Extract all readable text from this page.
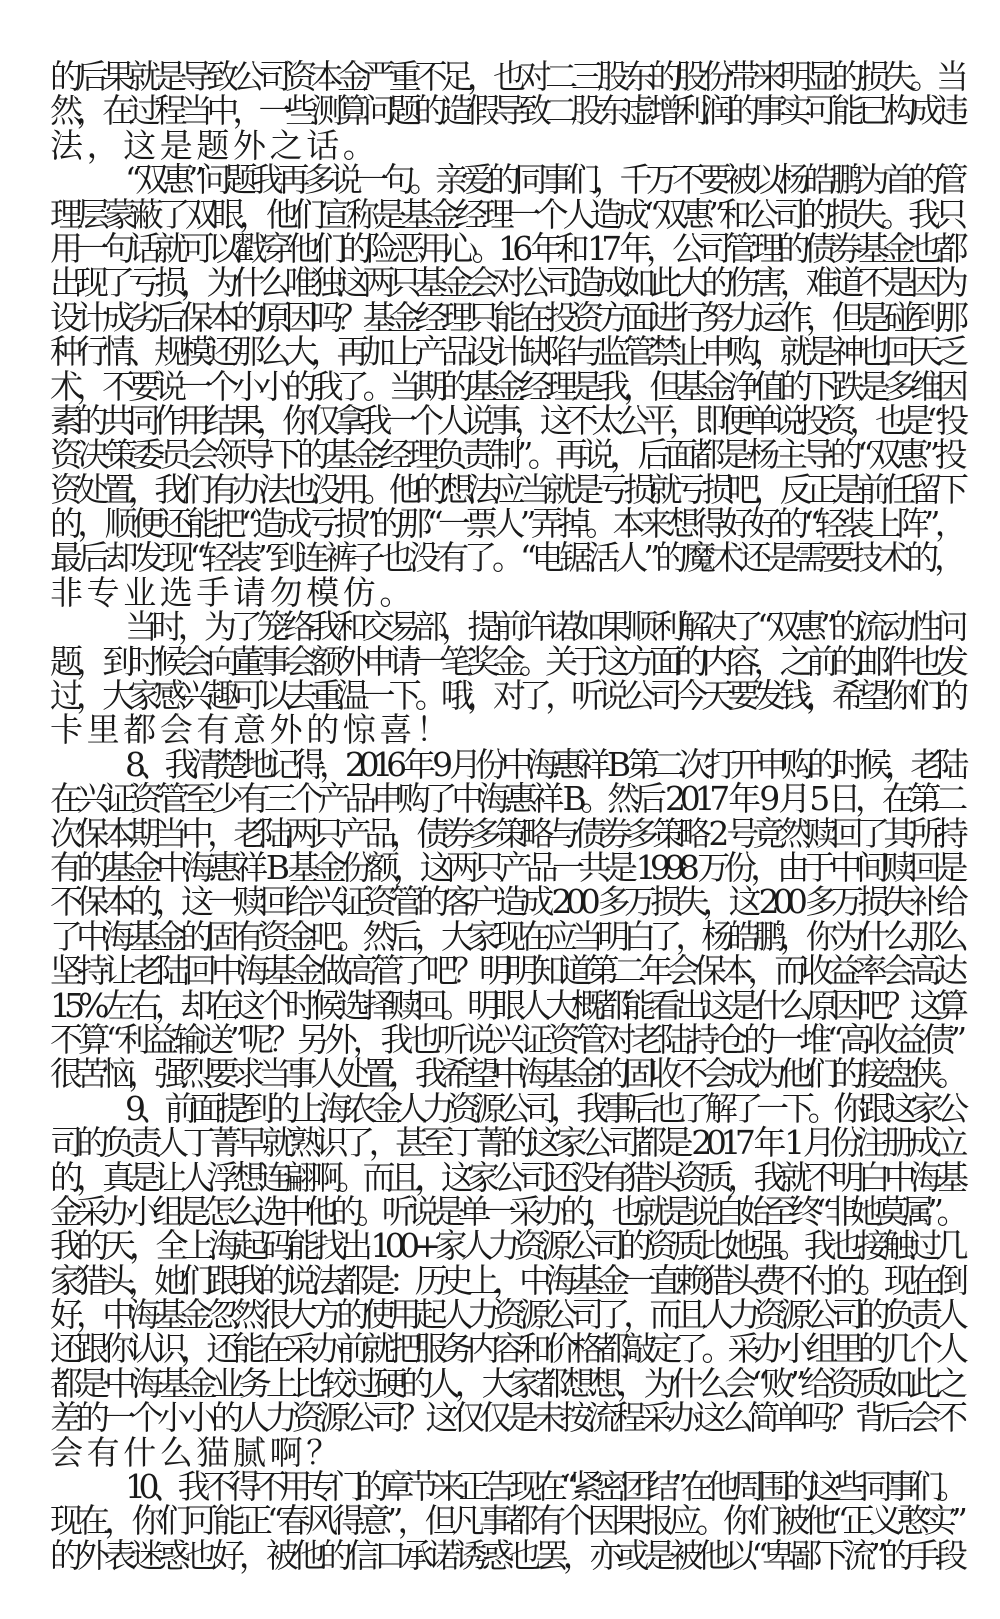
的后果就是导致公司资本金严重不足，也对二三股东的股份带来明显的损失。当
然，在过程当中，一些测算问题的造假导致二股东虚增利润的事实可能已构成违
法，这是题外之话。
“双惠”问题我再多说一句。亲爱的同事们，千万不要被以杨皓鹏为首的管
理层蒙蔽了双眼，他们宣称是基金经理一个人造成“双惠”和公司的损失。我只
用一句话就可以戳穿他们的险恶用心。16 年和 17 年，公司管理的债券基金也都
出现了亏损，为什么唯独这两只基金会对公司造成如此大的伤害，难道不是因为
设计成劣后保本的原因吗？基金经理只能在投资方面进行努力运作，但是碰到那
种行情、规模还那么大，再加上产品设计缺陷与监管禁止申购，就是神也回天乏
术，不要说一个小小的我了。当期的基金经理是我，但基金净值的下跌是多维因
素的共同作用结果，你仅拿我一个人说事，这不太公平，即便单说投资，也是“投
资决策委员会领导下的基金经理负责制”。再说，后面都是杨主导的“双惠”投
资处置，我们有办法也没用。他的想法应当就是亏损就亏损吧，反正是前任留下
的，顺便还能把“造成亏损”的那“一票人”弄掉。本来想得好好的“轻装上阵”，
最后却发现“轻装”到连裤子也没有了。“电锯活人”的魔术还是需要技术的，
非专业选手请勿模仿。
当时，为了笼络我和交易部，提前许诺如果顺利解决了“双惠”的流动性问
题，到时候会向董事会额外申请一笔奖金。关于这方面的内容，之前的邮件也发
过，大家感兴趣可以去重温一下。哦，对了，听说公司今天要发钱，希望你们的
卡里都会有意外的惊喜！
8、我清楚地记得，2016 年 9 月份中海惠祥 B 第二次打开申购的时候，老陆
在兴证资管至少有三个产品申购了中海惠祥 B。然后 2017 年 9 月 5 日，在第二
次保本期当中，老陆两只产品，债券多策略与债券多策略 2 号竟然赎回了其所持
有的基金中海惠祥 B 基金份额，这两只产品一共是 1998 万份，由于中间赎回是
不保本的，这一赎回给兴证资管的客户造成 200 多万损失，这 200 多万损失补给
了中海基金的固有资金吧。然后，大家现在应当明白了，杨皓鹏，你为什么那么
坚持让老陆回中海基金做高管了吧？明明知道第二年会保本，而收益率会高达
15%左右，却在这个时候选择赎回。明眼人大概都能看出这是什么原因吧？这算
不算“利益输送”呢？另外，我也听说兴证资管对老陆持仓的一堆“高收益债”
很苦恼，强烈要求当事人处置，我希望中海基金的固收不会成为他们的接盘侠。
9、前面提到的上海农金人力资源公司，我事后也了解了一下。你跟这家公
司的负责人丁菁早就熟识了，甚至丁菁的这家公司都是 2017 年 1 月份注册成立
的，真是让人浮想连翩啊。而且，这家公司还没有猎头资质，我就不明白中海基
金采办小组是怎么选中他的。听说是单一采办的，也就是说自始至终“非她莫属”。
我的天，全上海起码能找出 100+家人力资源公司的资质比她强。我也接触过几
家猎头，她们跟我的说法都是：历史上，中海基金一直赖猎头费不付的。现在倒
好，中海基金忽然很大方的使用起人力资源公司了，而且人力资源公司的负责人
还跟你认识，还能在采办前就把服务内容和价格都敲定了。采办小组里的几个人
都是中海基金业务上比较过硬的人，大家都想想，为什么会“败”给资质如此之
差的一个小小的人力资源公司？这仅仅是未按流程采办这么简单吗？背后会不
会有什么猫腻啊？
10、我不得不用专门的章节来正告现在“紧密团结”在他周围的这些同事们。
现在，你们可能正“春风得意”，但凡事都有个因果报应。你们被他“正义憨实”
的外表迷惑也好，被他的信口承诺诱惑也罢，亦或是被他以“卑鄙下流”的手段
